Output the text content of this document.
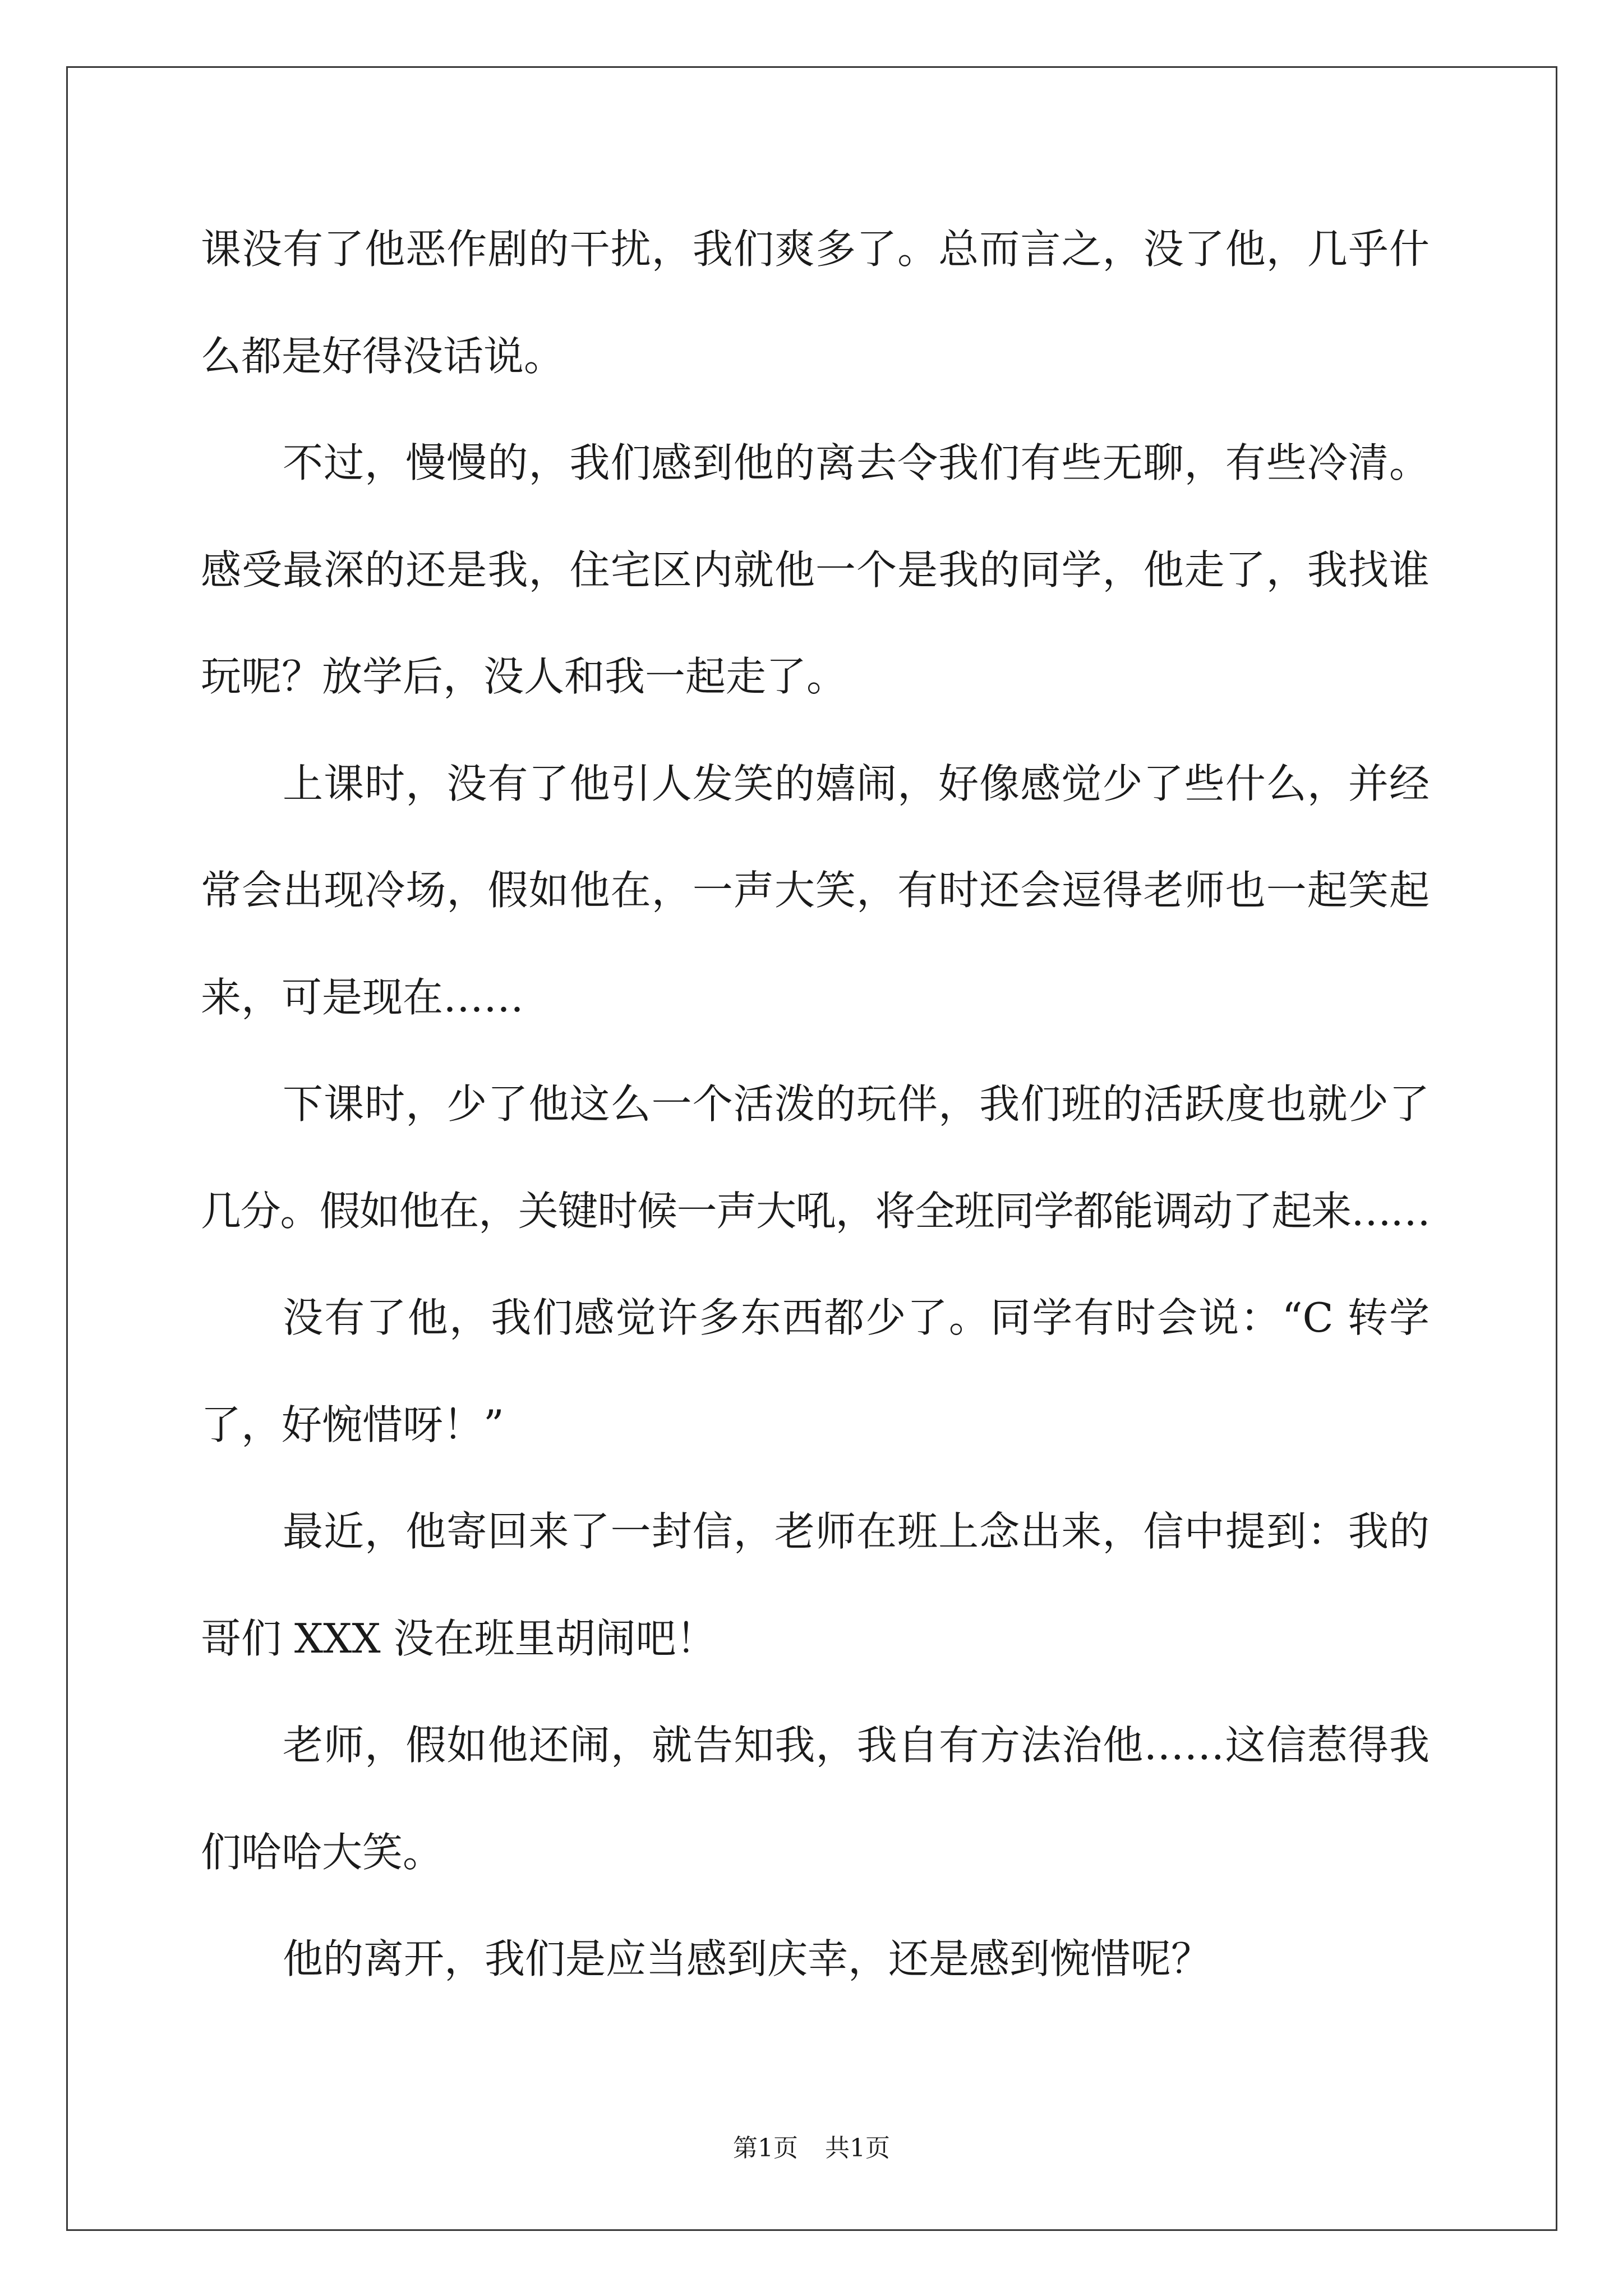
课没有了他恶作剧的干扰，我们爽多了。总而言之，没了他，几乎什
么都是好得没话说。
不过，慢慢的，我们感到他的离去令我们有些无聊，有些冷清。
感受最深的还是我，住宅区内就他一个是我的同学，他走了，我找谁
玩呢？放学后，没人和我一起走了。
上课时，没有了他引人发笑的嬉闹，好像感觉少了些什么，并经
常会出现冷场，假如他在，一声大笑，有时还会逗得老师也一起笑起
来，可是现在……
下课时，少了他这么一个活泼的玩伴，我们班的活跃度也就少了
几分。假如他在，关键时候一声大吼，将全班同学都能调动了起来……
没有了他，我们感觉许多东西都少了。同学有时会说：“C 转学
了，好惋惜呀！”
最近，他寄回来了一封信，老师在班上念出来，信中提到：我的
哥们 XXX 没在班里胡闹吧！
老师，假如他还闹，就告知我，我自有方法治他……这信惹得我
们哈哈大笑。
他的离开，我们是应当感到庆幸，还是感到惋惜呢？
第1页 共1页
